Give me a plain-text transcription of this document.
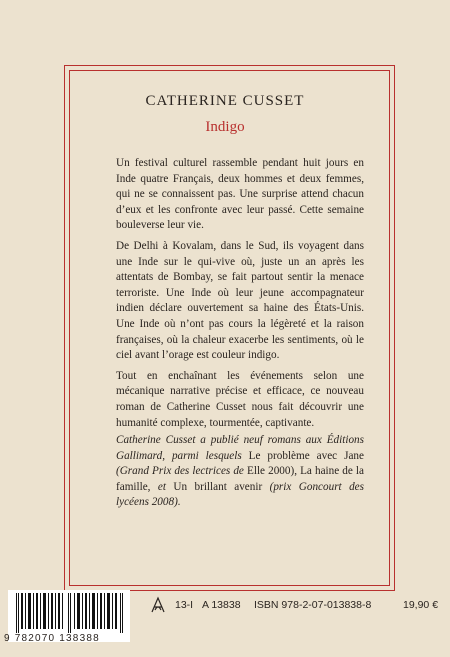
CATHERINE CUSSET
Indigo

Un festival culturel rassemble pendant huit jours en Inde quatre Français, deux hommes et deux femmes, qui ne se connaissent pas. Une surprise attend chacun d’eux et les confronte avec leur passé. Cette semaine bouleverse leur vie.

De Delhi à Kovalam, dans le Sud, ils voyagent dans une Inde sur le qui-vive où, juste un an après les attentats de Bombay, se fait partout sentir la menace terroriste. Une Inde où leur jeune accompagnateur indien déclare ouvertement sa haine des États-Unis. Une Inde où n’ont pas cours la légèreté et la raison françaises, où la chaleur exacerbe les sentiments, où le ciel avant l’orage est couleur indigo.

Tout en enchaînant les événements selon une mécanique narrative précise et efficace, ce nouveau roman de Catherine Cusset nous fait découvrir une humanité complexe, tourmentée, captivante.

Catherine Cusset a publié neuf romans aux Éditions Gallimard, parmi lesquels Le problème avec Jane (Grand Prix des lectrices de Elle 2000), La haine de la famille, et Un brillant avenir (prix Goncourt des lycéens 2008).
13-I A 13838 ISBN 978-2-07-013838-8	19,90 €
9 782070 138388
